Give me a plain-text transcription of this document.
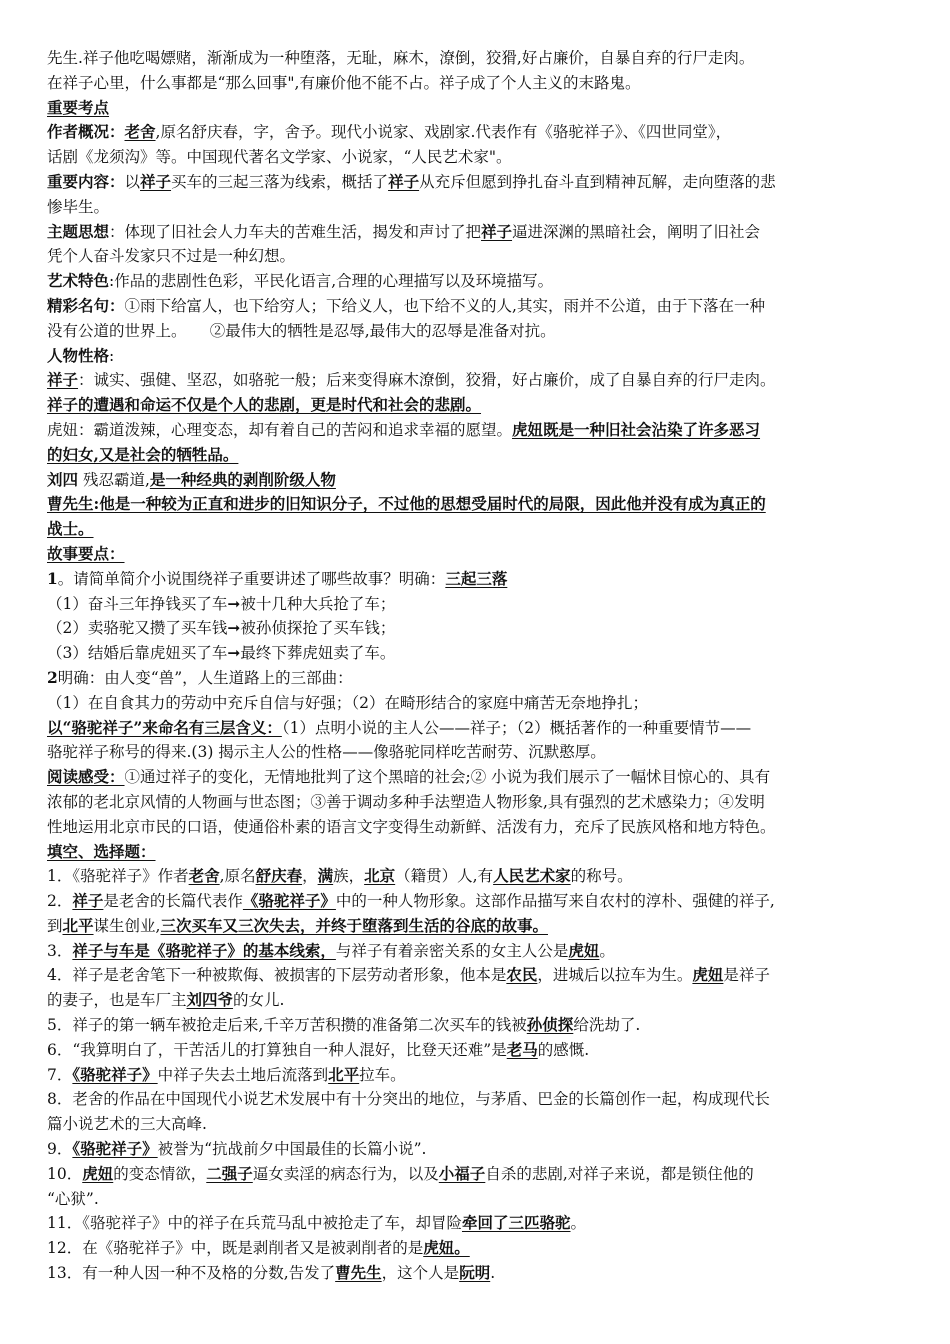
先生.祥子他吃喝嫖赌，渐渐成为一种堕落，无耻，麻木，潦倒，狡猾,好占廉价，自暴自弃的行尸走肉。
在祥子心里，什么事都是“那么回事",有廉价他不能不占。祥子成了个人主义的末路鬼。
重要考点
作者概况：老舍,原名舒庆春，字，舍予。现代小说家、戏剧家.代表作有《骆驼祥子》、《四世同堂》，
话剧《龙须沟》等。中国现代著名文学家、小说家，“人民艺术家"。
重要内容：以祥子买车的三起三落为线索，概括了祥子从充斥但愿到挣扎奋斗直到精神瓦解，走向堕落的悲
惨毕生。
主题思想：体现了旧社会人力车夫的苦难生活，揭发和声讨了把祥子逼进深渊的黑暗社会，阐明了旧社会
凭个人奋斗发家只不过是一种幻想。
艺术特色:作品的悲剧性色彩，平民化语言,合理的心理描写以及环境描写。
精彩名句：①雨下给富人，也下给穷人；下给义人，也下给不义的人,其实，雨并不公道，由于下落在一种
没有公道的世界上。　　②最伟大的牺牲是忍辱,最伟大的忍辱是准备对抗。
人物性格:
祥子：诚实、强健、坚忍，如骆驼一般；后来变得麻木潦倒，狡猾，好占廉价，成了自暴自弃的行尸走肉。
祥子的遭遇和命运不仅是个人的悲剧，更是时代和社会的悲剧。
虎妞：霸道泼辣，心理变态，却有着自己的苦闷和追求幸福的愿望。虎妞既是一种旧社会沾染了许多恶习
的妇女,又是社会的牺牲品。
刘四 残忍霸道,是一种经典的剥削阶级人物
曹先生:他是一种较为正直和进步的旧知识分子，不过他的思想受届时代的局限，因此他并没有成为真正的
战士。
故事要点：
1。请简单简介小说围绕祥子重要讲述了哪些故事？明确：三起三落
（1）奋斗三年挣钱买了车➞被十几种大兵抢了车；
（2）卖骆驼又攒了买车钱➞被孙侦探抢了买车钱；
（3）结婚后靠虎妞买了车➞最终下葬虎妞卖了车。
2明确：由人变“兽”，人生道路上的三部曲：
（1）在自食其力的劳动中充斥自信与好强；（2）在畸形结合的家庭中痛苦无奈地挣扎；
以“骆驼祥子”来命名有三层含义：（1）点明小说的主人公——祥子；（2）概括著作的一种重要情节——
骆驼祥子称号的得来.(3) 揭示主人公的性格——像骆驼同样吃苦耐劳、沉默憨厚。
阅读感受：①通过祥子的变化，无情地批判了这个黑暗的社会;② 小说为我们展示了一幅怵目惊心的、具有
浓郁的老北京风情的人物画与世态图；③善于调动多种手法塑造人物形象,具有强烈的艺术感染力；④发明
性地运用北京市民的口语，使通俗朴素的语言文字变得生动新鲜、活泼有力，充斥了民族风格和地方特色。
填空、选择题：
1．《骆驼祥子》作者老舍,原名舒庆春，满族，北京（籍贯）人,有人民艺术家的称号。
2．祥子是老舍的长篇代表作《骆驼祥子》中的一种人物形象。这部作品描写来自农村的淳朴、强健的祥子,
到北平谋生创业,三次买车又三次失去，并终于堕落到生活的谷底的故事。
3．祥子与车是《骆驼祥子》的基本线索，与祥子有着亲密关系的女主人公是虎妞。
4．祥子是老舍笔下一种被欺侮、被损害的下层劳动者形象，他本是农民，进城后以拉车为生。虎妞是祥子
的妻子，也是车厂主刘四爷的女儿.
5．祥子的第一辆车被抢走后来,千辛万苦积攒的准备第二次买车的钱被孙侦探给洗劫了.
6．“我算明白了，干苦活儿的打算独自一种人混好，比登天还难”是老马的感慨.
7．《骆驼祥子》中祥子失去土地后流落到北平拉车。
8．老舍的作品在中国现代小说艺术发展中有十分突出的地位，与茅盾、巴金的长篇创作一起，构成现代长
篇小说艺术的三大高峰.
9．《骆驼祥子》被誉为“抗战前夕中国最佳的长篇小说”.
10．虎妞的变态情欲，二强子逼女卖淫的病态行为，以及小福子自杀的悲剧,对祥子来说，都是锁住他的
“心狱”.
11．《骆驼祥子》中的祥子在兵荒马乱中被抢走了车，却冒险牵回了三匹骆驼。
12．在《骆驼祥子》中，既是剥削者又是被剥削者的是虎妞。
13．有一种人因一种不及格的分数,告发了曹先生，这个人是阮明.
